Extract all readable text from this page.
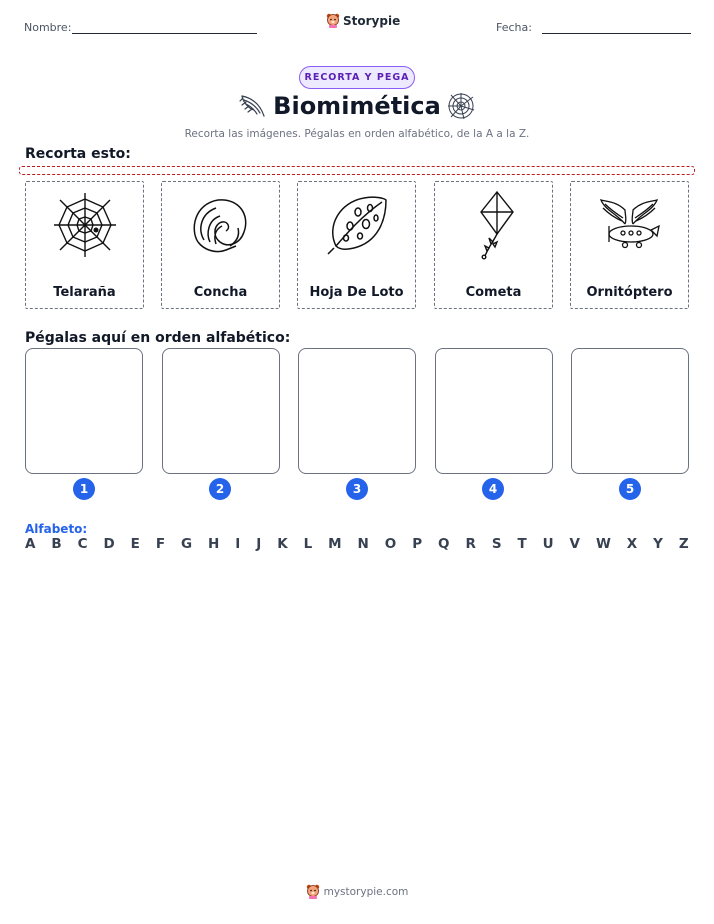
Nombre:	Storypie	Fecha:
RECORTA Y PEGA
Biomimética
Recorta las imágenes. Pégalas en orden alfabético, de la A a la Z.
Recorta esto:
Telaraña	Concha	Hoja De Loto	Cometa	Ornitóptero
Pégalas aquí en orden alfabético:
1	2	3	4	5
Alfabeto:
A B C D E F G H I J K L M N O P Q R S T U V W X Y Z
mystorypie.com
